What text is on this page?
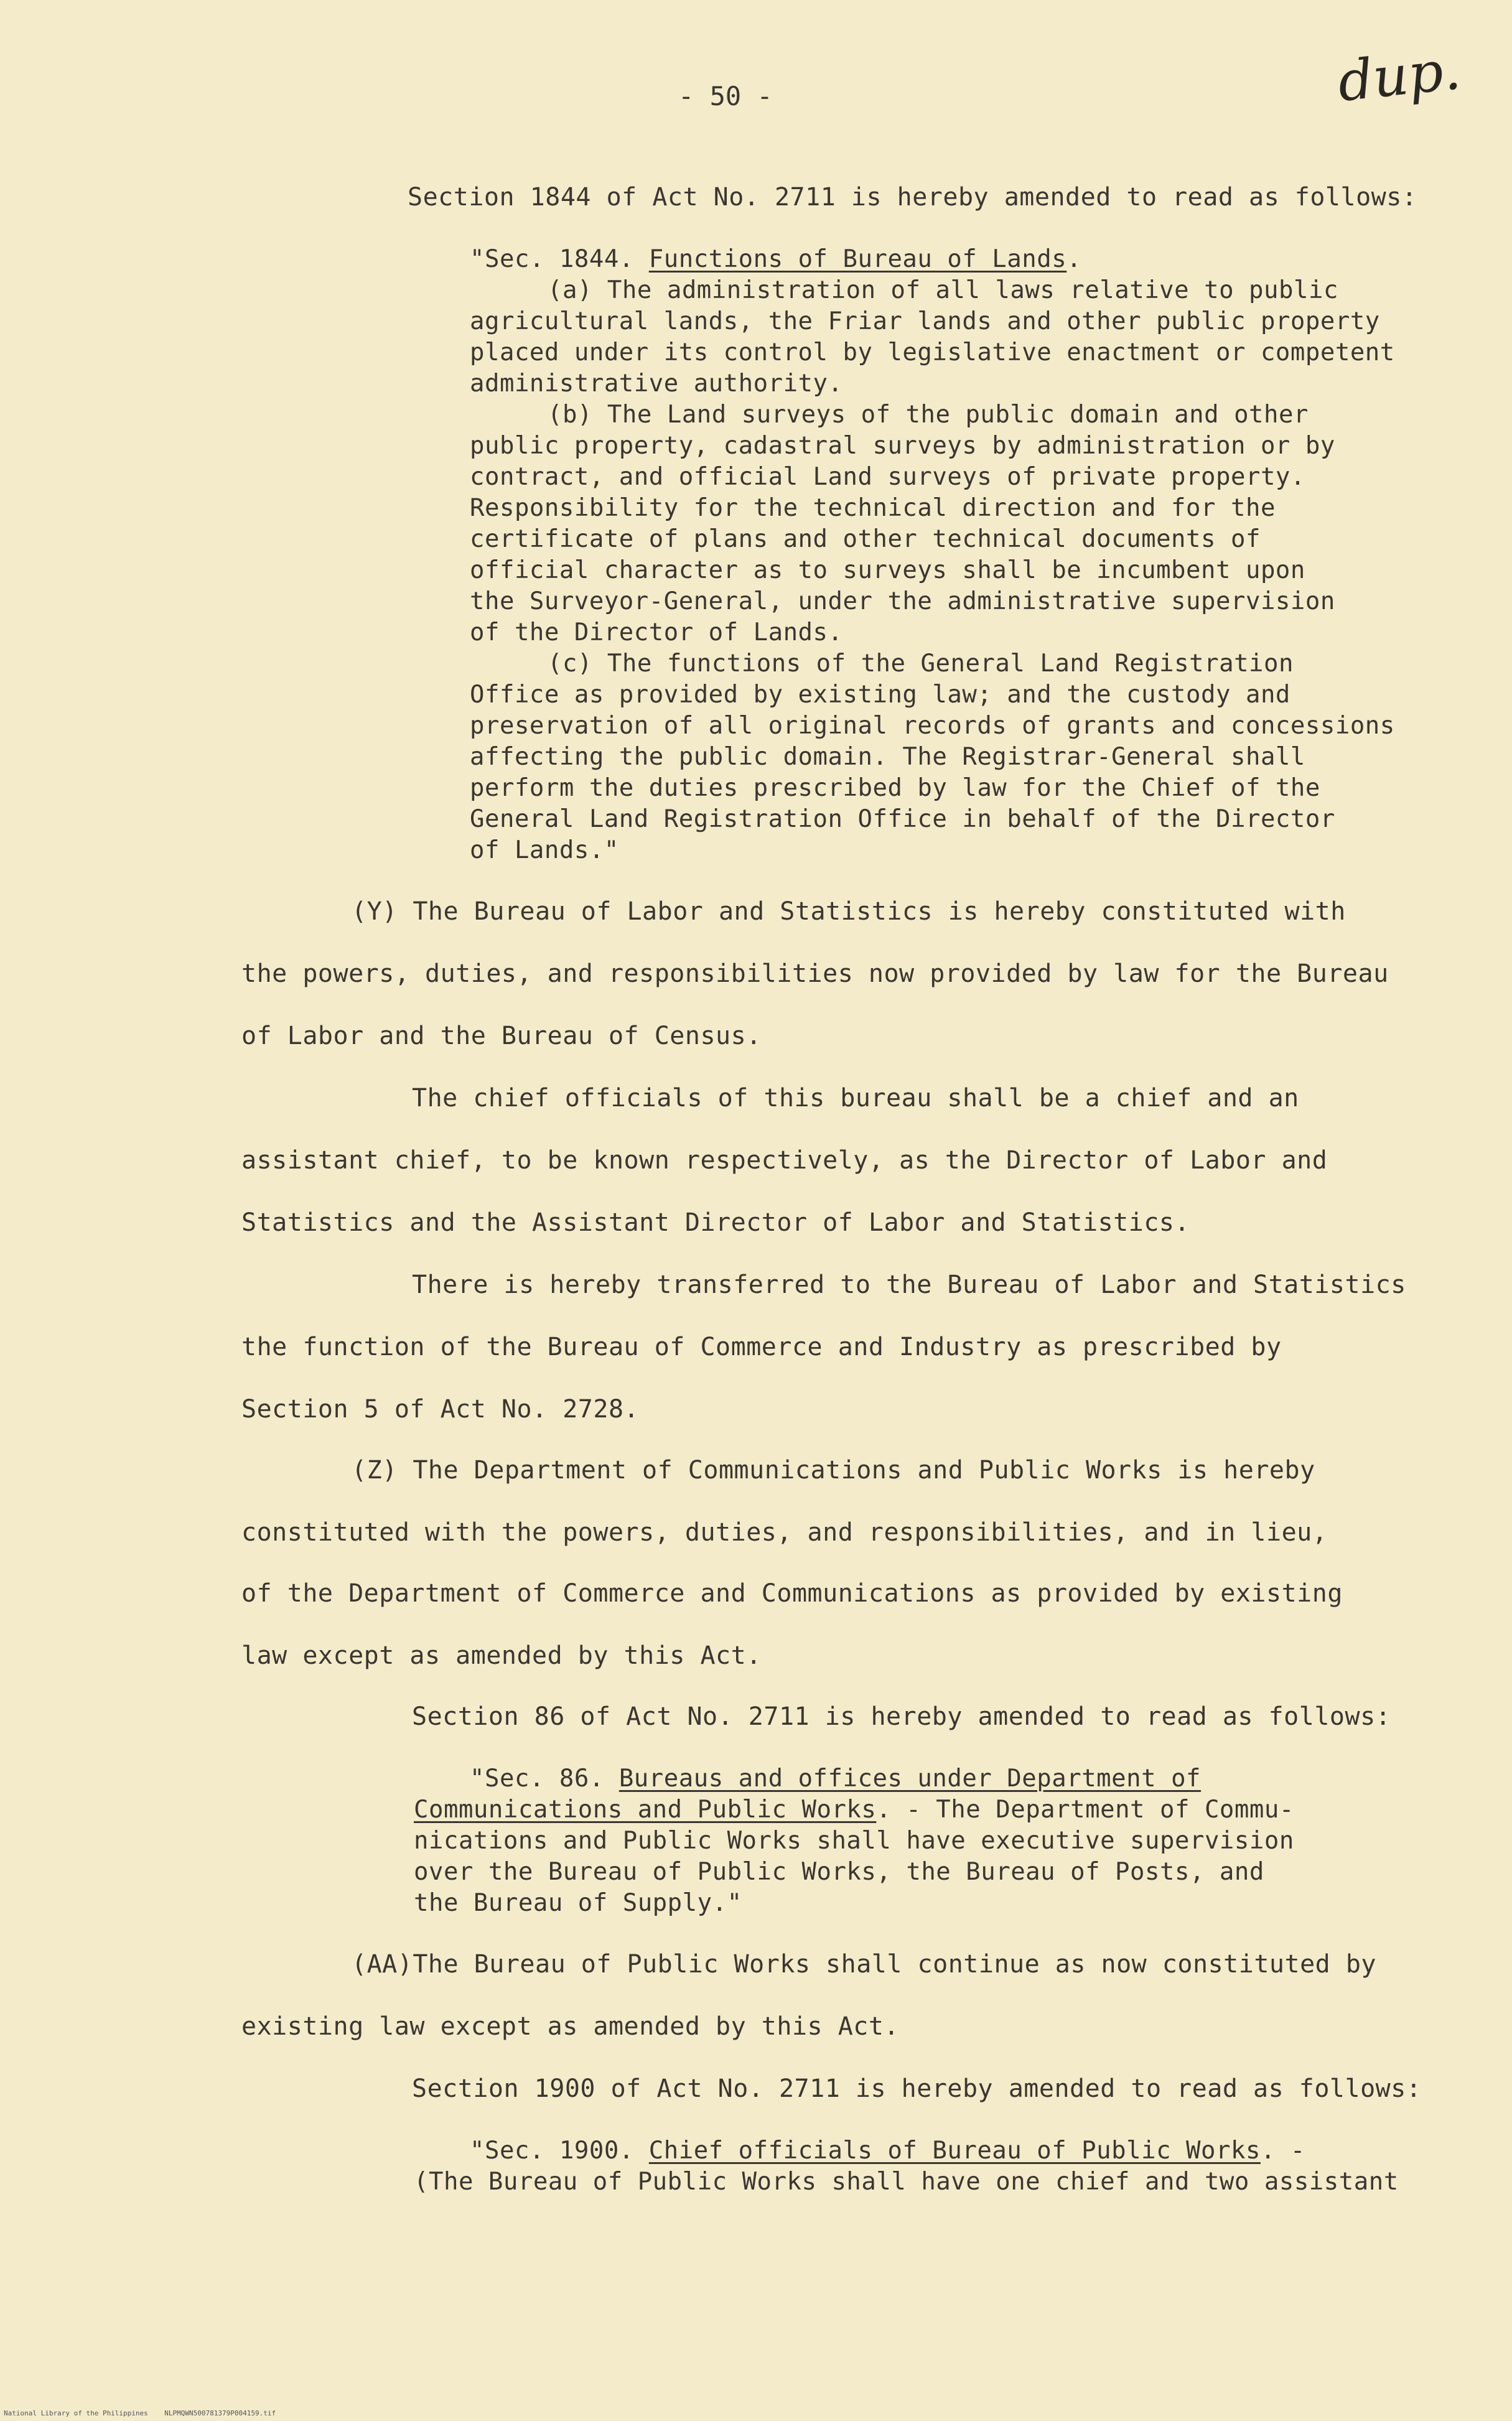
- 50 -	dup.
Section 1844 of Act No. 2711 is hereby amended to read as follows:
"Sec. 1844. Functions of Bureau of Lands.
(a) The administration of all laws relative to public
agricultural lands, the Friar lands and other public property
placed under its control by legislative enactment or competent
administrative authority.
(b) The Land surveys of the public domain and other
public property, cadastral surveys by administration or by
contract, and official Land surveys of private property.
Responsibility for the technical direction and for the
certificate of plans and other technical documents of
official character as to surveys shall be incumbent upon
the Surveyor-General, under the administrative supervision
of the Director of Lands.
(c) The functions of the General Land Registration
Office as provided by existing law; and the custody and
preservation of all original records of grants and concessions
affecting the public domain. The Registrar-General shall
perform the duties prescribed by law for the Chief of the
General Land Registration Office in behalf of the Director
of Lands."
(Y) The Bureau of Labor and Statistics is hereby constituted with
the powers, duties, and responsibilities now provided by law for the Bureau
of Labor and the Bureau of Census.
The chief officials of this bureau shall be a chief and an
assistant chief, to be known respectively, as the Director of Labor and
Statistics and the Assistant Director of Labor and Statistics.
There is hereby transferred to the Bureau of Labor and Statistics
the function of the Bureau of Commerce and Industry as prescribed by
Section 5 of Act No. 2728.
(Z) The Department of Communications and Public Works is hereby
constituted with the powers, duties, and responsibilities, and in lieu,
of the Department of Commerce and Communications as provided by existing
law except as amended by this Act.
Section 86 of Act No. 2711 is hereby amended to read as follows:
"Sec. 86. Bureaus and offices under Department of
Communications and Public Works. - The Department of Commu-
nications and Public Works shall have executive supervision
over the Bureau of Public Works, the Bureau of Posts, and
the Bureau of Supply."
(AA)The Bureau of Public Works shall continue as now constituted by
existing law except as amended by this Act.
Section 1900 of Act No. 2711 is hereby amended to read as follows:
"Sec. 1900. Chief officials of Bureau of Public Works. -
(The Bureau of Public Works shall have one chief and two assistant
National Library of the Philippines    NLPMQWN500781379P004159.tif
